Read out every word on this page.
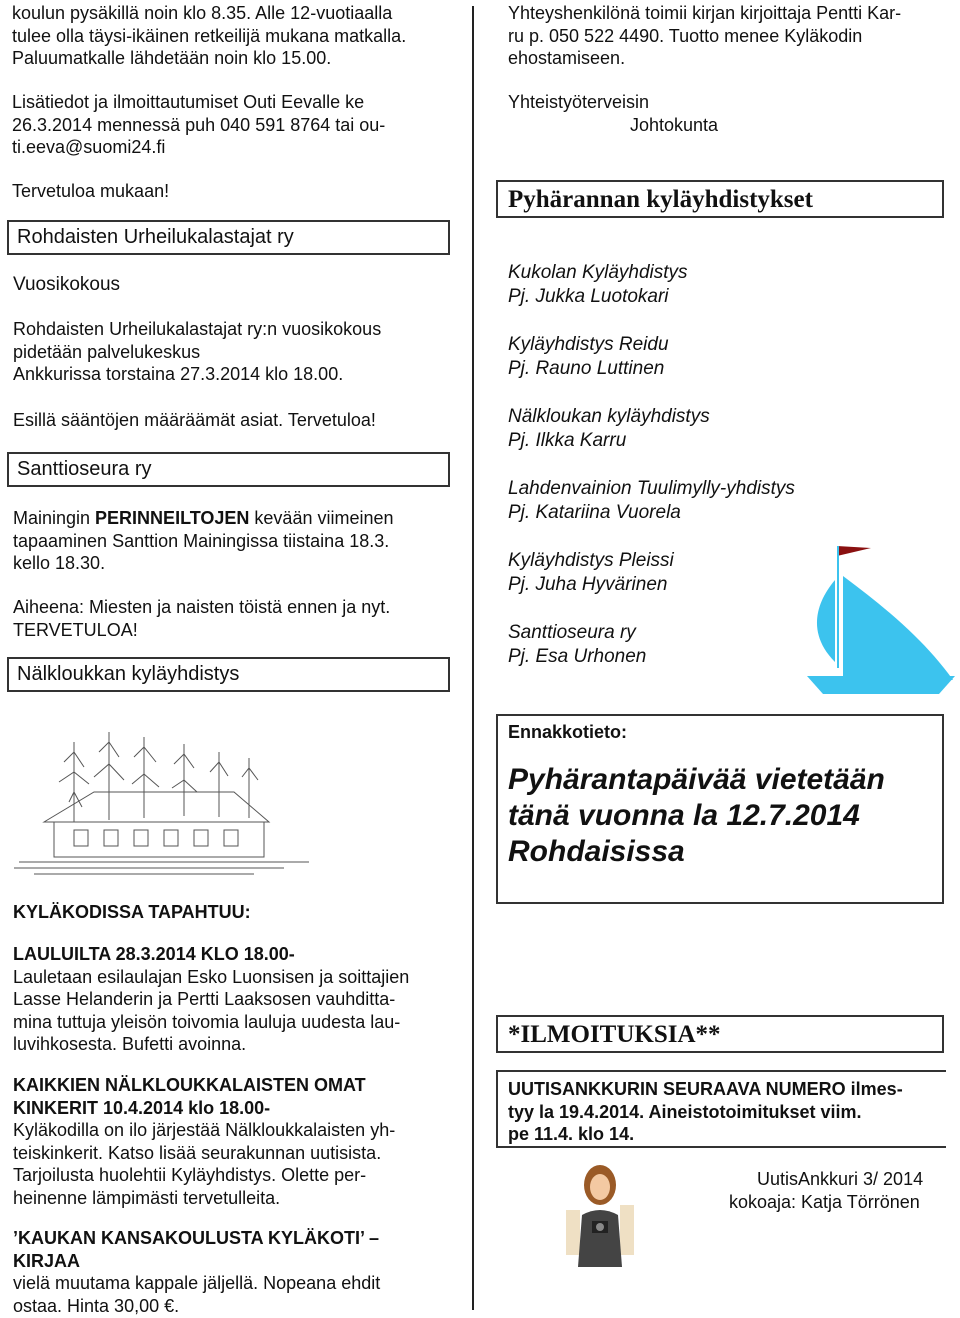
koulun pysäkillä noin klo 8.35. Alle 12-vuotiaalla
tulee olla täysi-ikäinen retkeilijä mukana matkalla.
Paluumatkalle lähdetään noin klo 15.00.
Lisätiedot ja ilmoittautumiset Outi Eevalle ke
26.3.2014 mennessä puh 040 591 8764 tai ou-
ti.eeva@suomi24.fi
Tervetuloa mukaan!
Rohdaisten Urheilukalastajat ry
Vuosikokous
Rohdaisten Urheilukalastajat ry:n vuosikokous
pidetään palvelukeskus
Ankkurissa torstaina 27.3.2014 klo 18.00.
Esillä sääntöjen määräämät asiat. Tervetuloa!
Santtioseura ry
Mainingin PERINNEILTOJEN kevään viimeinen
tapaaminen Santtion Mainingissa tiistaina 18.3.
kello 18.30.
Aiheena: Miesten ja naisten töistä ennen ja nyt.
TERVETULOA!
Nälkloukkan kyläyhdistys
KYLÄKODISSA TAPAHTUU:
LAULUILTA 28.3.2014 KLO 18.00-
Lauletaan esilaulajan Esko Luonsisen ja soittajien
Lasse Helanderin ja Pertti Laaksosen vauhditta-
mina tuttuja yleisön toivomia lauluja uudesta lau-
luvihkosesta. Bufetti avoinna.
KAIKKIEN NÄLKLOUKKALAISTEN OMAT
KINKERIT 10.4.2014 klo 18.00-
Kyläkodilla on ilo järjestää Nälkloukkalaisten yh-
teiskinkerit. Katso lisää seurakunnan uutisista.
Tarjoilusta huolehtii Kyläyhdistys. Olette per-
heinenne lämpimästi tervetulleita.
’KAUKAN KANSAKOULUSTA KYLÄKOTI’ –
KIRJAA
vielä muutama kappale jäljellä. Nopeana ehdit
ostaa. Hinta 30,00 €.
Yhteyshenkilönä toimii kirjan kirjoittaja Pentti Kar-
ru p. 050 522 4490. Tuotto menee Kyläkodin
ehostamiseen.
Yhteistyöterveisin
Johtokunta
Pyhärannan kyläyhdistykset
Kukolan Kyläyhdistys
Pj. Jukka Luotokari
Kyläyhdistys Reidu
Pj. Rauno Luttinen
Nälkloukan kyläyhdistys
Pj. Ilkka Karru
Lahdenvainion Tuulimylly-yhdistys
Pj. Katariina Vuorela
Kyläyhdistys Pleissi
Pj. Juha Hyvärinen
Santtioseura ry
Pj. Esa Urhonen
Ennakkotieto:
Pyhärantapäivää vietetään
tänä vuonna la 12.7.2014
Rohdaisissa
*ILMOITUKSIA**
UUTISANKKURIN SEURAAVA NUMERO ilmes-
tyy la 19.4.2014. Aineistotoimitukset viim.
pe 11.4. klo 14.
UutisAnkkuri 3/ 2014
kokoaja: Katja Törrönen
